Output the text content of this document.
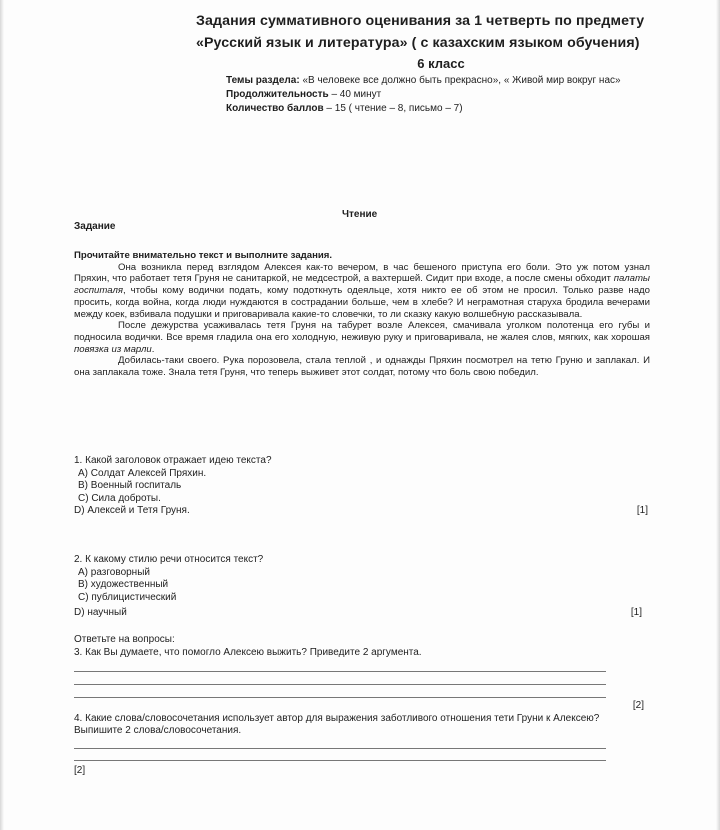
Задания суммативного оценивания за 1 четверть по предмету «Русский язык и литература» ( с казахским языком обучения)

6 класс
Темы раздела: «В человеке все должно быть прекрасно», « Живой мир вокруг нас»
Продолжительность – 40 минут
Количество баллов – 15 ( чтение – 8, письмо – 7)
Чтение
Задание

Прочитайте внимательно текст и выполните задания.

Она возникла перед взглядом Алексея как-то вечером, в час бешеного приступа его боли. Это уж потом узнал Пряхин, что работает тетя Груня не санитаркой, не медсестрой, а вахтершей. Сидит при входе, а после смены обходит палаты госпиталя, чтобы кому водички подать, кому подоткнуть одеяльце, хотя никто ее об этом не просил. Только разве надо просить, когда война, когда люди нуждаются в сострадании больше, чем в хлебе? И неграмотная старуха бродила вечерами между коек, взбивала подушки и приговаривала какие-то словечки, то ли сказку какую волшебную рассказывала.

После дежурства усаживалась тетя Груня на табурет возле Алексея, смачивала уголком полотенца его губы и подносила водички. Все время гладила она его холодную, неживую руку и приговаривала, не жалея слов, мягких, как хорошая повязка из марли.

Добилась-таки своего. Рука порозовела, стала теплой , и однажды Пряхин посмотрел на тетю Груню и заплакал. И она заплакала тоже. Знала тетя Груня, что теперь выживет этот солдат, потому что боль свою победил.

1. Какой заголовок отражает идею текста?
A) Солдат Алексей Пряхин.
B) Военный госпиталь
C) Сила доброты.
D) Алексей и Тетя Груня.	[1]
2. К какому стилю речи относится текст?
A) разговорный
B) художественный
C) публицистический
D) научный	[1]
Ответьте на вопросы:
3. Как Вы думаете, что помогло Алексею выжить? Приведите 2 аргумента.
[2]
4. Какие слова/словосочетания использует автор для выражения заботливого отношения тети Груни к Алексею? Выпишите 2 слова/словосочетания.
[2]
